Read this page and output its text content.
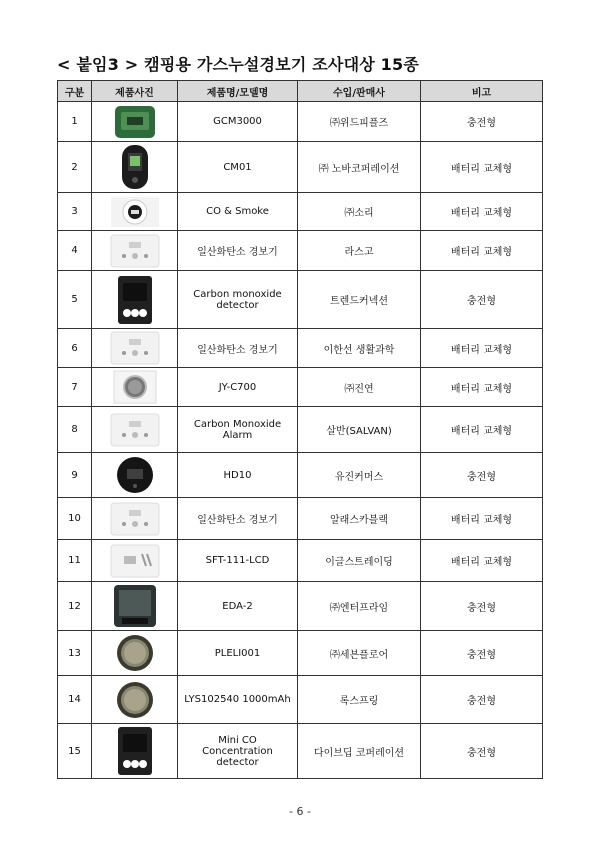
< 붙임3 > 캠핑용 가스누설경보기 조사대상 15종
구분	제품사진	제품명/모델명	수입/판매사	비고
1		GCM3000	㈜위드피플즈	충전형
2		CM01	㈜ 노바코퍼레이션	배터리 교체형
3		CO & Smoke	㈜소리	배터리 교체형
4		일산화탄소 경보기	라스고	배터리 교체형
5		Carbon monoxide detector	트렌드커넥션	충전형
6		일산화탄소 경보기	이한선 생활과학	배터리 교체형
7		JY-C700	㈜진연	배터리 교체형
8		Carbon Monoxide Alarm	살반(SALVAN)	배터리 교체형
9		HD10	유진커머스	충전형
10		일산화탄소 경보기	알래스카블랙	배터리 교체형
11		SFT-111-LCD	이글스트레이딩	배터리 교체형
12		EDA-2	㈜엔터프라임	충전형
13		PLELI001	㈜세븐플로어	충전형
14		LYS102540 1000mAh	록스프링	충전형
15		Mini CO Concentration detector	다이브딥 코퍼레이션	충전형
- 6 -
